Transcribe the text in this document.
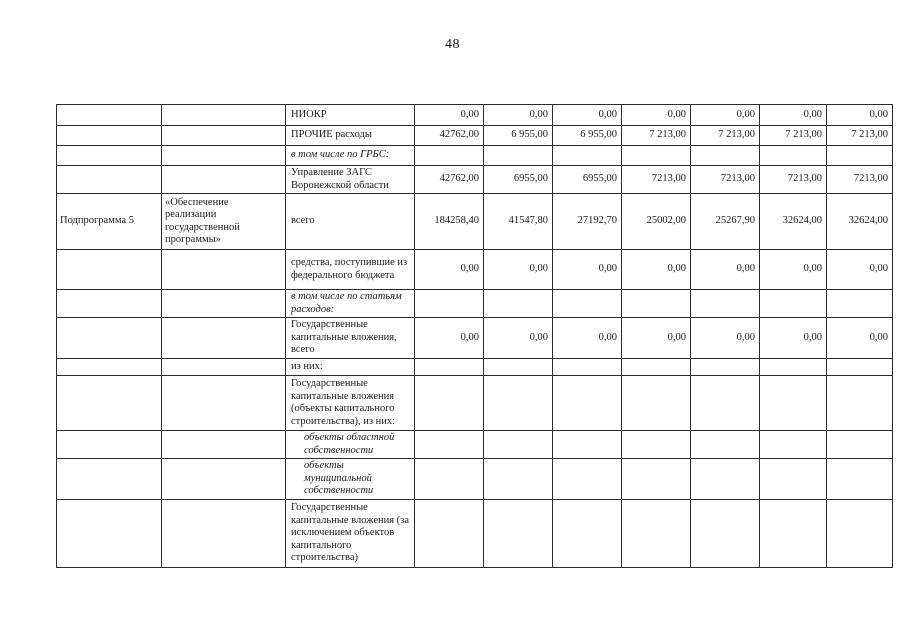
48
		НИОКР	0,00	0,00	0,00	0,00	0,00	0,00	0,00
		ПРОЧИЕ расходы	42762,00	6 955,00	6 955,00	7 213,00	7 213,00	7 213,00	7 213,00
		в том числе по ГРБС:							
		Управление ЗАГС Воронежской области	42762,00	6955,00	6955,00	7213,00	7213,00	7213,00	7213,00
Подпрограмма 5	«Обеспечение реализации государственной программы»	всего	184258,40	41547,80	27192,70	25002,00	25267,90	32624,00	32624,00
		средства, поступившие из федерального бюджета	0,00	0,00	0,00	0,00	0,00	0,00	0,00
		в том числе по статьям расходов:							
		Государственные капитальные вложения, всего	0,00	0,00	0,00	0,00	0,00	0,00	0,00
		из них:							
		Государственные капитальные вложения (объекты капитального строительства), из них:							
		объекты областной собственности							
		объекты муниципальной собственности							
		Государственные капитальные вложения (за исключением объектов капитального строительства)							
